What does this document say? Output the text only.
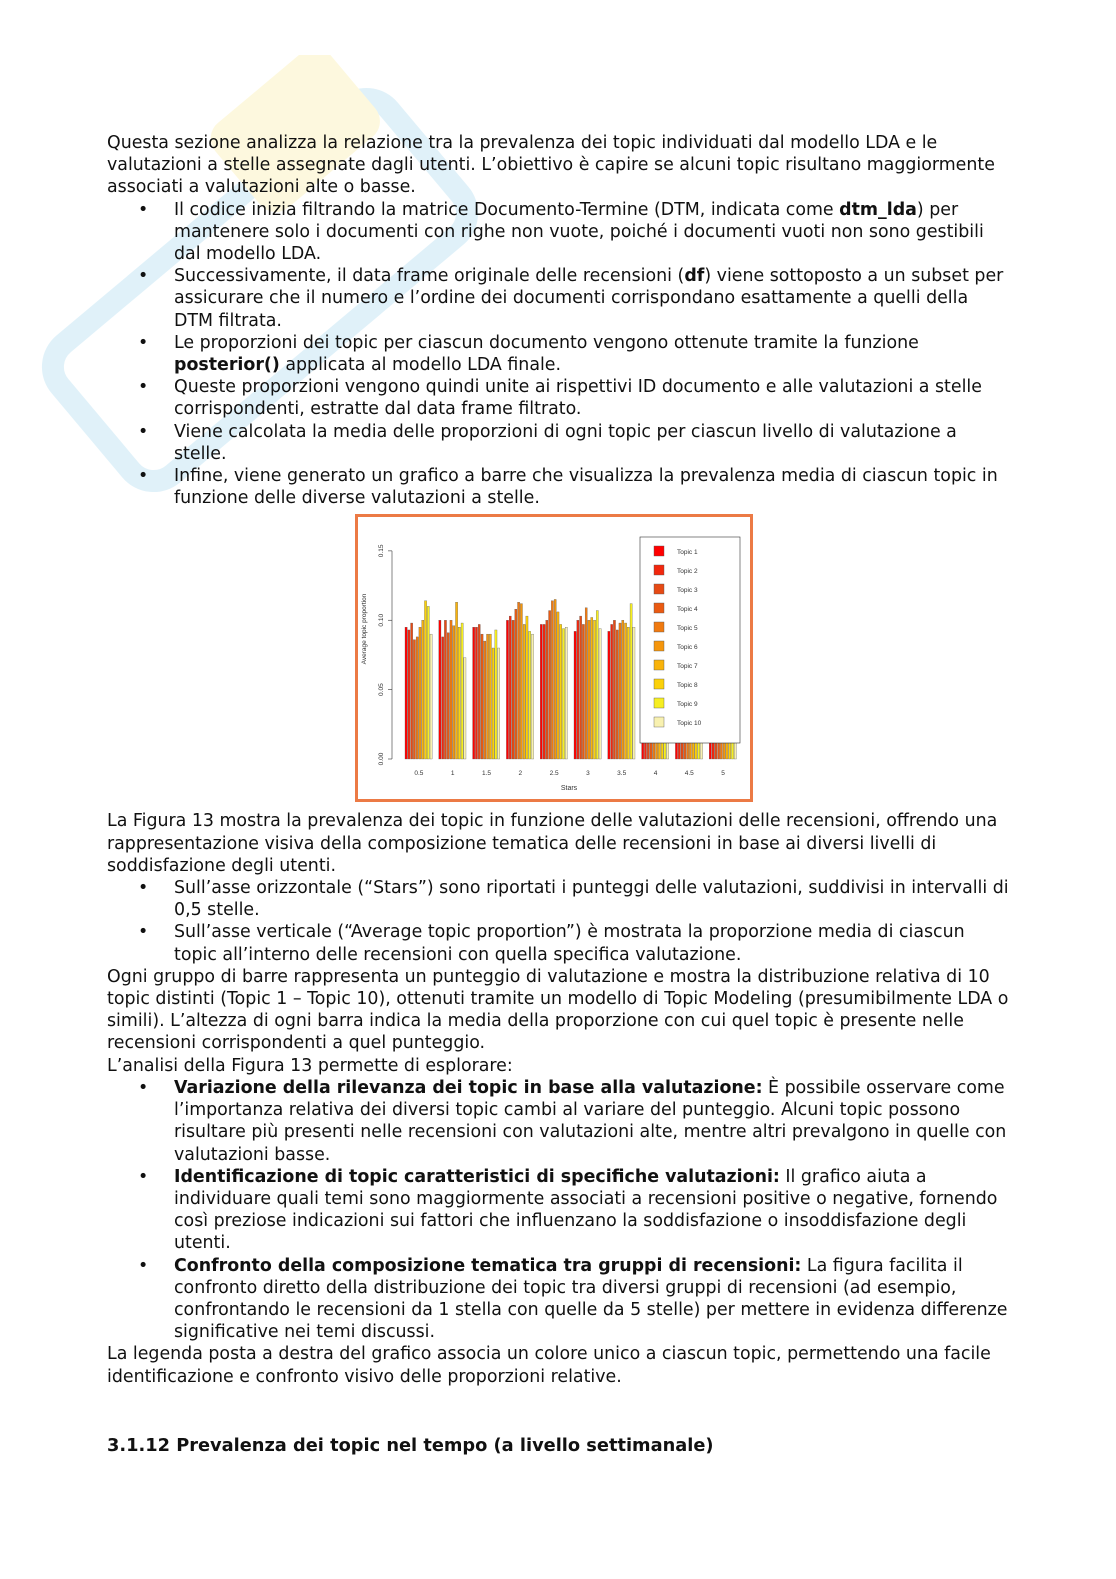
Questa sezione analizza la relazione tra la prevalenza dei topic individuati dal modello LDA e le valutazioni a stelle assegnate dagli utenti. L’obiettivo è capire se alcuni topic risultano maggiormente associati a valutazioni alte o basse.

• Il codice inizia filtrando la matrice Documento-Termine (DTM, indicata come dtm_lda) per mantenere solo i documenti con righe non vuote, poiché i documenti vuoti non sono gestibili dal modello LDA.
• Successivamente, il data frame originale delle recensioni (df) viene sottoposto a un subset per assicurare che il numero e l’ordine dei documenti corrispondano esattamente a quelli della DTM filtrata.
• Le proporzioni dei topic per ciascun documento vengono ottenute tramite la funzione posterior() applicata al modello LDA finale.
• Queste proporzioni vengono quindi unite ai rispettivi ID documento e alle valutazioni a stelle corrispondenti, estratte dal data frame filtrato.
• Viene calcolata la media delle proporzioni di ogni topic per ciascun livello di valutazione a stelle.
• Infine, viene generato un grafico a barre che visualizza la prevalenza media di ciascun topic in funzione delle diverse valutazioni a stelle.
Average topic proportion
Stars
0.5	1	1.5	2	2.5	3	3.5	4	4.5	5
0.00
0.05
0.10
0.15	Topic 1
Topic 2
Topic 3
Topic 4
Topic 5
Topic 6
Topic 7
Topic 8
Topic 9
Topic 10

La Figura 13 mostra la prevalenza dei topic in funzione delle valutazioni delle recensioni, offrendo una rappresentazione visiva della composizione tematica delle recensioni in base ai diversi livelli di soddisfazione degli utenti.

• Sull’asse orizzontale (“Stars”) sono riportati i punteggi delle valutazioni, suddivisi in intervalli di 0,5 stelle.
• Sull’asse verticale (“Average topic proportion”) è mostrata la proporzione media di ciascun topic all’interno delle recensioni con quella specifica valutazione.

Ogni gruppo di barre rappresenta un punteggio di valutazione e mostra la distribuzione relativa di 10 topic distinti (Topic 1 – Topic 10), ottenuti tramite un modello di Topic Modeling (presumibilmente LDA o simili). L’altezza di ogni barra indica la media della proporzione con cui quel topic è presente nelle recensioni corrispondenti a quel punteggio.

L’analisi della Figura 13 permette di esplorare:

• Variazione della rilevanza dei topic in base alla valutazione: È possibile osservare come l’importanza relativa dei diversi topic cambi al variare del punteggio. Alcuni topic possono risultare più presenti nelle recensioni con valutazioni alte, mentre altri prevalgono in quelle con valutazioni basse.
• Identificazione di topic caratteristici di specifiche valutazioni: Il grafico aiuta a individuare quali temi sono maggiormente associati a recensioni positive o negative, fornendo così preziose indicazioni sui fattori che influenzano la soddisfazione o insoddisfazione degli utenti.
• Confronto della composizione tematica tra gruppi di recensioni: La figura facilita il confronto diretto della distribuzione dei topic tra diversi gruppi di recensioni (ad esempio, confrontando le recensioni da 1 stella con quelle da 5 stelle) per mettere in evidenza differenze significative nei temi discussi.

La legenda posta a destra del grafico associa un colore unico a ciascun topic, permettendo una facile identificazione e confronto visivo delle proporzioni relative.

3.1.12 Prevalenza dei topic nel tempo (a livello settimanale)
